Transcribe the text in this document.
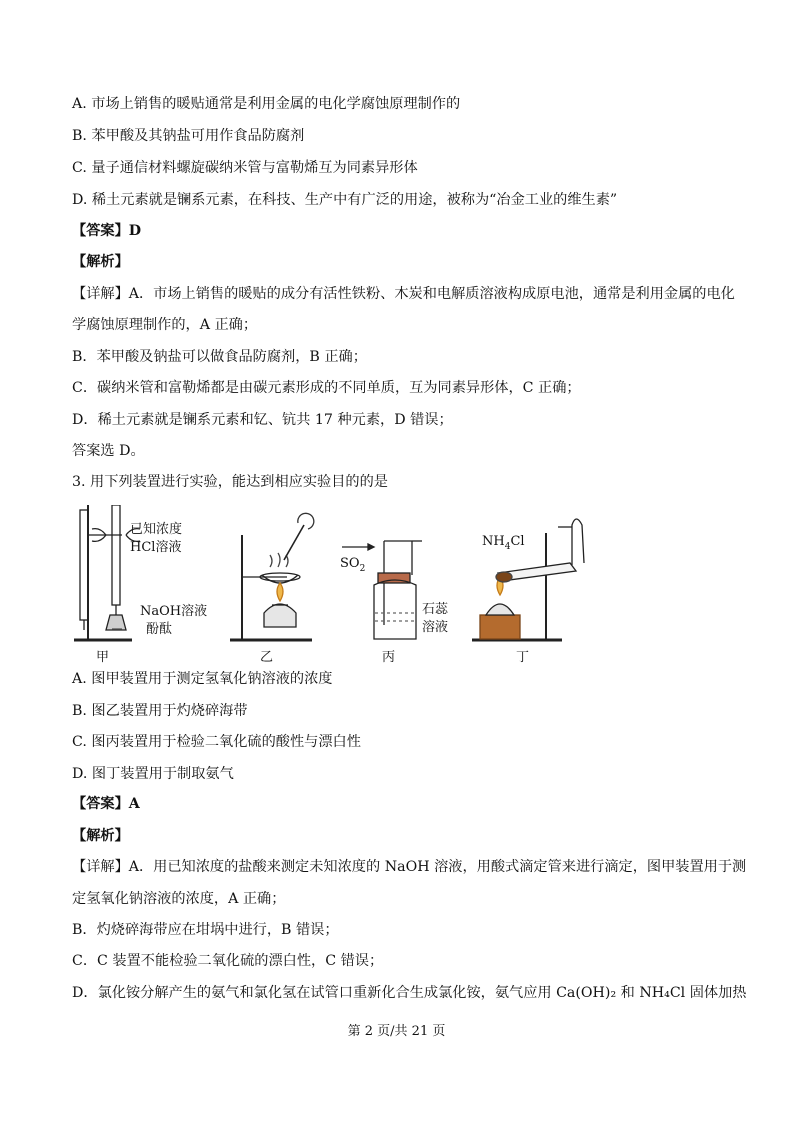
A. 市场上销售的暖贴通常是利用金属的电化学腐蚀原理制作的
B. 苯甲酸及其钠盐可用作食品防腐剂
C. 量子通信材料螺旋碳纳米管与富勒烯互为同素异形体
D. 稀土元素就是镧系元素，在科技、生产中有广泛的用途，被称为“冶金工业的维生素”
【答案】D
【解析】
【详解】A．市场上销售的暖贴的成分有活性铁粉、木炭和电解质溶液构成原电池，通常是利用金属的电化
学腐蚀原理制作的，A 正确；
B．苯甲酸及钠盐可以做食品防腐剂，B 正确；
C．碳纳米管和富勒烯都是由碳元素形成的不同单质，互为同素异形体，C 正确；
D．稀土元素就是镧系元素和钇、钪共 17 种元素，D 错误；
答案选 D。
3. 用下列装置进行实验，能达到相应实验目的的是
已知浓度
HCl溶液
NaOH溶液
酚酞
甲	乙
$SO_2$
石蕊
溶液
丙
$NH_4Cl$
丁
A. 图甲装置用于测定氢氧化钠溶液的浓度
B. 图乙装置用于灼烧碎海带
C. 图丙装置用于检验二氧化硫的酸性与漂白性
D. 图丁装置用于制取氨气
【答案】A
【解析】
【详解】A．用已知浓度的盐酸来测定未知浓度的 NaOH 溶液，用酸式滴定管来进行滴定，图甲装置用于测
定氢氧化钠溶液的浓度，A 正确；
B．灼烧碎海带应在坩埚中进行，B 错误；
C．C 装置不能检验二氧化硫的漂白性，C 错误；
D．氯化铵分解产生的氨气和氯化氢在试管口重新化合生成氯化铵，氨气应用 Ca(OH)₂ 和 NH₄Cl 固体加热
第 2 页/共 21 页
